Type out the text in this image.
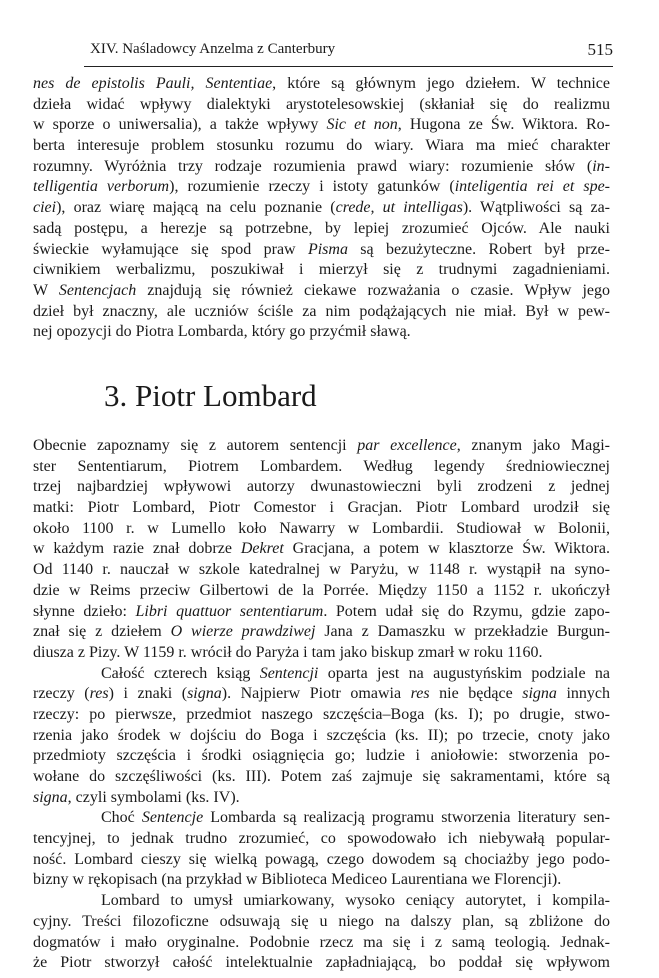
XIV. Naśladowcy Anzelma z Canterbury	515
nes de epistolis Pauli, Sententiae, które są głównym jego dziełem. W technice
dzieła widać wpływy dialektyki arystotelesowskiej (skłaniał się do realizmu
w sporze o uniwersalia), a także wpływy Sic et non, Hugona ze Św. Wiktora. Ro-
berta interesuje problem stosunku rozumu do wiary. Wiara ma mieć charakter
rozumny. Wyróżnia trzy rodzaje rozumienia prawd wiary: rozumienie słów (in-
telligentia verborum), rozumienie rzeczy i istoty gatunków (inteligentia rei et spe-
ciei), oraz wiarę mającą na celu poznanie (crede, ut intelligas). Wątpliwości są za-
sadą postępu, a herezje są potrzebne, by lepiej zrozumieć Ojców. Ale nauki
świeckie wyłamujące się spod praw Pisma są bezużyteczne. Robert był prze-
ciwnikiem werbalizmu, poszukiwał i mierzył się z trudnymi zagadnieniami.
W Sentencjach znajdują się również ciekawe rozważania o czasie. Wpływ jego
dzieł był znaczny, ale uczniów ściśle za nim podążających nie miał. Był w pew-
nej opozycji do Piotra Lombarda, który go przyćmił sławą.
3. Piotr Lombard
Obecnie zapoznamy się z autorem sentencji par excellence, znanym jako Magi-
ster Sententiarum, Piotrem Lombardem. Według legendy średniowiecznej
trzej najbardziej wpływowi autorzy dwunastowieczni byli zrodzeni z jednej
matki: Piotr Lombard, Piotr Comestor i Gracjan. Piotr Lombard urodził się
około 1100 r. w Lumello koło Nawarry w Lombardii. Studiował w Bolonii,
w każdym razie znał dobrze Dekret Gracjana, a potem w klasztorze Św. Wiktora.
Od 1140 r. nauczał w szkole katedralnej w Paryżu, w 1148 r. wystąpił na syno-
dzie w Reims przeciw Gilbertowi de la Porrée. Między 1150 a 1152 r. ukończył
słynne dzieło: Libri quattuor sententiarum. Potem udał się do Rzymu, gdzie zapo-
znał się z dziełem O wierze prawdziwej Jana z Damaszku w przekładzie Burgun-
diusza z Pizy. W 1159 r. wrócił do Paryża i tam jako biskup zmarł w roku 1160.
Całość czterech ksiąg Sentencji oparta jest na augustyńskim podziale na
rzeczy (res) i znaki (signa). Najpierw Piotr omawia res nie będące signa innych
rzeczy: po pierwsze, przedmiot naszego szczęścia–Boga (ks. I); po drugie, stwo-
rzenia jako środek w dojściu do Boga i szczęścia (ks. II); po trzecie, cnoty jako
przedmioty szczęścia i środki osiągnięcia go; ludzie i aniołowie: stworzenia po-
wołane do szczęśliwości (ks. III). Potem zaś zajmuje się sakramentami, które są
signa, czyli symbolami (ks. IV).
Choć Sentencje Lombarda są realizacją programu stworzenia literatury sen-
tencyjnej, to jednak trudno zrozumieć, co spowodowało ich niebywałą popular-
ność. Lombard cieszy się wielką powagą, czego dowodem są chociażby jego podo-
bizny w rękopisach (na przykład w Biblioteca Mediceo Laurentiana we Florencji).
Lombard to umysł umiarkowany, wysoko ceniący autorytet, i kompila-
cyjny. Treści filozoficzne odsuwają się u niego na dalszy plan, są zbliżone do
dogmatów i mało oryginalne. Podobnie rzecz ma się i z samą teologią. Jednak-
że Piotr stworzył całość intelektualnie zapładniającą, bo poddał się wpływom
